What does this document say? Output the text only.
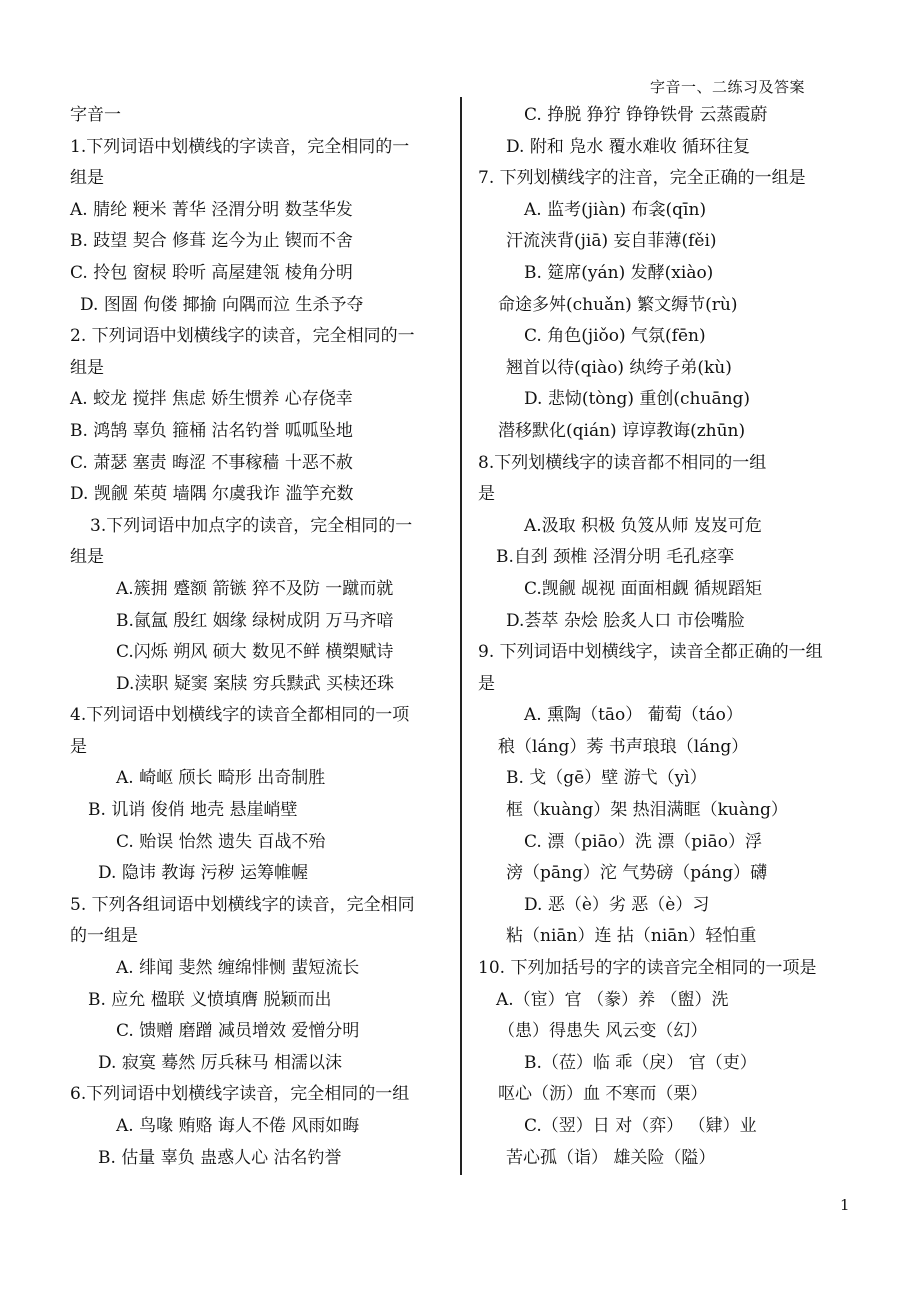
字音一、二练习及答案
字音一
1.下列词语中划横线的字读音，完全相同的一
组是
A. 腈纶 粳米 菁华 泾渭分明 数茎华发
B. 跂望 契合 修葺 迄今为止 锲而不舍
C. 拎包 窗棂 聆听 高屋建瓴 棱角分明
D. 图圄 佝偻 揶揄 向隅而泣 生杀予夺
2. 下列词语中划横线字的读音，完全相同的一
组是
A. 蛟龙 搅拌 焦虑 娇生惯养 心存侥幸
B. 鸿鹄 辜负 箍桶 沽名钓誉 呱呱坠地
C. 萧瑟 塞责 晦涩 不事稼穑 十恶不赦
D. 觊觎 茱萸 墙隅 尔虞我诈 滥竽充数
3.下列词语中加点字的读音，完全相同的一
组是
A.簇拥 蹙额 箭镞 猝不及防 一蹴而就
B.氤氲 殷红 姻缘 绿树成阴 万马齐喑
C.闪烁 朔风 硕大 数见不鲜 横槊赋诗
D.渎职 疑窦 案牍 穷兵黩武 买椟还珠
4.下列词语中划横线字的读音全都相同的一项
是
A. 崎岖 颀长 畸形 出奇制胜
B. 讥诮 俊俏 地壳 悬崖峭壁
C. 贻误 怡然 遗失 百战不殆
D. 隐讳 教诲 污秽 运筹帷幄
5. 下列各组词语中划横线字的读音，完全相同
的一组是
A. 绯闻 斐然 缠绵悱恻 蜚短流长
B. 应允 楹联 义愤填膺 脱颖而出
C. 馈赠 磨蹭 减员增效 爱憎分明
D. 寂寞 蓦然 厉兵秣马 相濡以沫
6.下列词语中划横线字读音，完全相同的一组
A. 鸟喙 贿赂 诲人不倦 风雨如晦
B. 估量 辜负 蛊惑人心 沽名钓誉
C. 挣脱 狰狞 铮铮铁骨 云蒸霞蔚
D. 附和 凫水 覆水难收 循环往复
7. 下列划横线字的注音，完全正确的一组是
A. 监考(jiàn) 布衾(qīn)
汗流浃背(jiā) 妄自菲薄(fěi)
B. 筵席(yán) 发酵(xiào)
命途多舛(chuǎn) 繁文缛节(rù)
C. 角色(jiǒo) 气氛(fēn)
翘首以待(qiào) 纨绔子弟(kù)
D. 悲恸(tòng) 重创(chuāng)
潜移默化(qián) 谆谆教诲(zhūn)
8.下列划横线字的读音都不相同的一组
是
A.汲取 积极 负笈从师 岌岌可危
B.自刭 颈椎 泾渭分明 毛孔痉挛
C.觊觎 觇视 面面相觑 循规蹈矩
D.荟萃 杂烩 脍炙人口 市侩嘴脸
9. 下列词语中划横线字，读音全都正确的一组
是
A. 熏陶（tāo） 葡萄（táo）
稂（láng）莠 书声琅琅（láng）
B. 戈（gē）壁 游弋（yì）
框（kuàng）架 热泪满眶（kuàng）
C. 漂（piāo）洗 漂（piāo）浮
滂（pāng）沱 气势磅（páng）礴
D. 恶（è）劣 恶（è）习
粘（niān）连 拈（niān）轻怕重
10. 下列加括号的字的读音完全相同的一项是
A.（宦）官 （豢）养 （盥）洗
（患）得患失 风云变（幻）
B.（莅）临 乖（戾） 官（吏）
呕心（沥）血 不寒而（栗）
C.（翌）日 对（弈） （肄）业
苦心孤（诣） 雄关险（隘）
1
